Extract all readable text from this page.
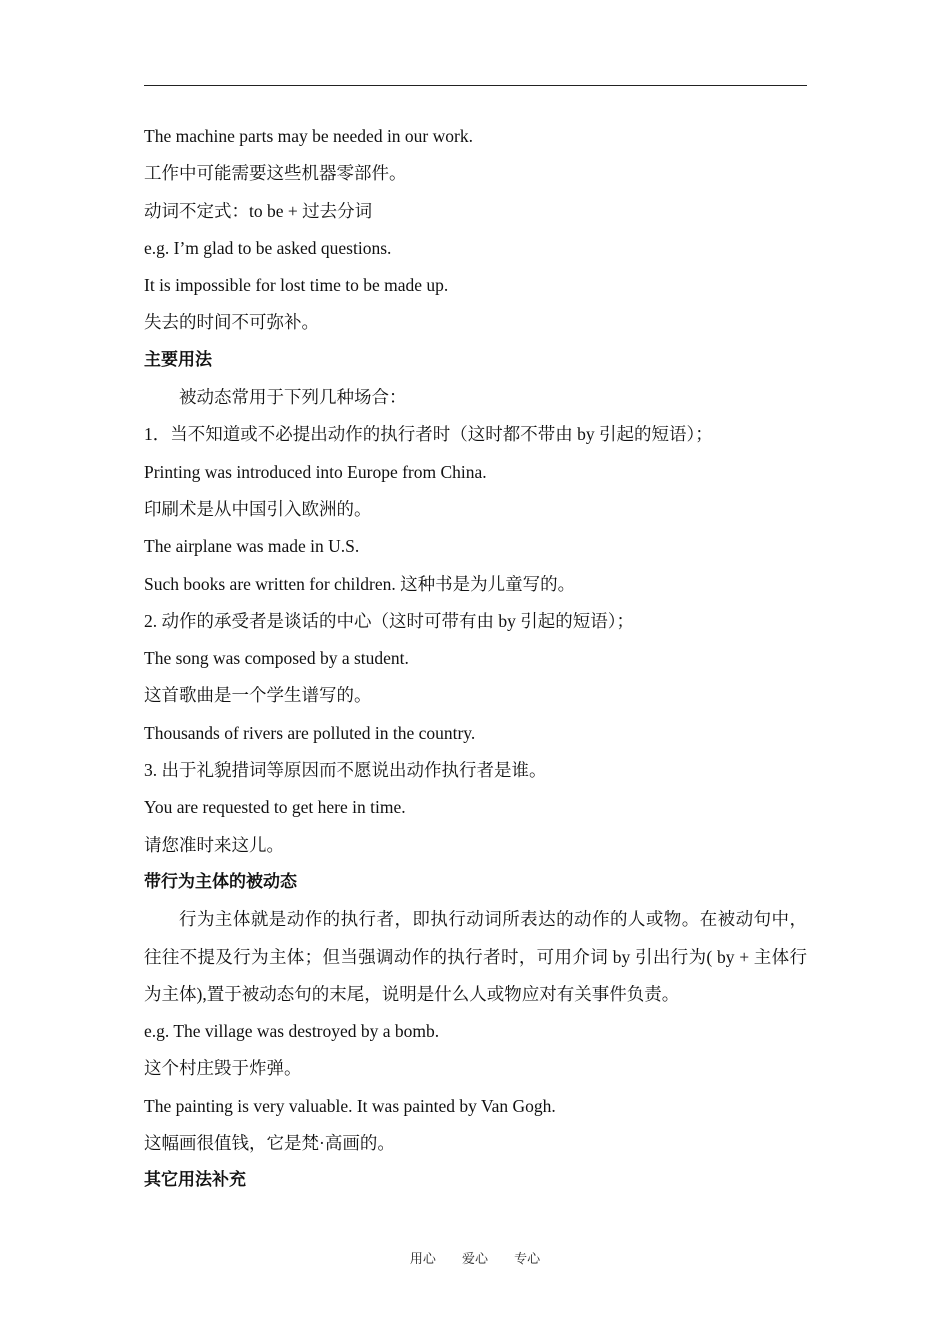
The machine parts may be needed in our work.
工作中可能需要这些机器零部件。
动词不定式：to be + 过去分词
e.g. I’m glad to be asked questions.
It is impossible for lost time to be made up.
失去的时间不可弥补。
主要用法
被动态常用于下列几种场合：
1．当不知道或不必提出动作的执行者时（这时都不带由 by 引起的短语）；
Printing was introduced into Europe from China.
印刷术是从中国引入欧洲的。
The airplane was made in U.S.
Such books are written for children. 这种书是为儿童写的。
2. 动作的承受者是谈话的中心（这时可带有由 by 引起的短语）；
The song was composed by a student.
这首歌曲是一个学生谱写的。
Thousands of rivers are polluted in the country.
3. 出于礼貌措词等原因而不愿说出动作执行者是谁。
You are requested to get here in time.
请您准时来这儿。
带行为主体的被动态
行为主体就是动作的执行者，即执行动词所表达的动作的人或物。在被动句中，往往不提及行为主体；但当强调动作的执行者时，可用介词 by 引出行为( by + 主体行为主体),置于被动态句的末尾，说明是什么人或物应对有关事件负责。
e.g. The village was destroyed by a bomb.
这个村庄毁于炸弹。
The painting is very valuable. It was painted by Van Gogh.
这幅画很值钱，它是梵·高画的。
其它用法补充
用心 爱心 专心
